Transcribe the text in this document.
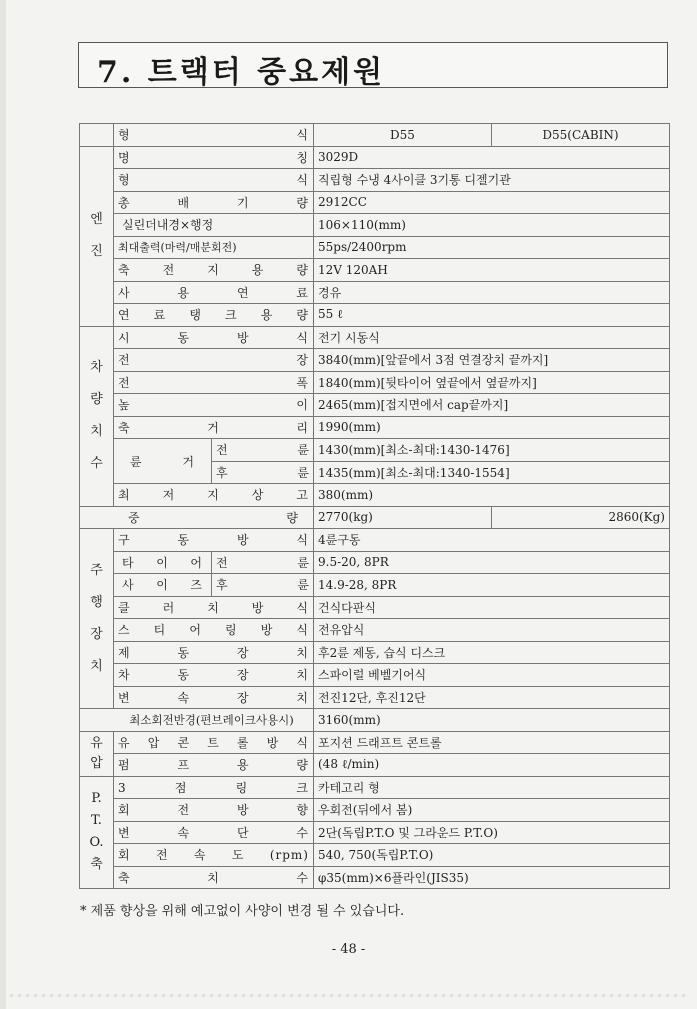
7. 트랙터 중요제원
	형 식		D55	D55(CABIN)
엔 진	명 칭		3029D	
	형 식		직립형 수냉 4사이클 3기통 디젤기관	
	총 배 기 량		2912CC	
	실린더내경×행정		106×110(mm)	
	최대출력(마력/매분회전)		55ps/2400rpm	
	축 전 지 용 량		12V 120AH	
	사 용 연 료		경유	
	연 료 탱 크 용 량		55 ℓ	
차 량 치 수	시 동 방 식		전기 시동식	
	전 장		3840(mm)[앞끝에서 3점 연결장치 끝까지]	
	전 폭		1840(mm)[뒷타이어 옆끝에서 옆끝까지]	
	높 이		2465(mm)[접지면에서 cap끝까지]	
	축 거 리		1990(mm)	
	륜 거	전 륜	1430(mm)[최소-최대:1430-1476]	
		후 륜	1435(mm)[최소-최대:1340-1554]	
	최 저 지 상 고		380(mm)	
중 량			2770(kg)	2860(Kg)
주 행 장 치	구 동 방 식		4륜구동	
	타 이 어	전 륜	9.5-20, 8PR	
	사 이 즈	후 륜	14.9-28, 8PR	
	클 러 치 방 식		건식다판식	
	스 티 어 링 방 식		전유압식	
	제 동 장 치		후2륜 제동, 습식 디스크	
	차 동 장 치		스파이럴 베벨기어식	
	변 속 장 치		전진12단, 후진12단	
최소회전반경(편브레이크사용시)			3160(mm)	
유 압	유 압 콘 트 롤 방 식		포지션 드래프트 콘트롤	
	펌 프 용 량		(48 ℓ/min)	
P. T. O. 축	3 점 링 크		카테고리 형	
	회 전 방 향		우회전(뒤에서 봄)	
	변 속 단 수		2단(독립P.T.O 및 그라운드 P.T.O)	
	회 전 속 도 (rpm)		540, 750(독립P.T.O)	
	축 치 수		φ35(mm)×6플라인(JIS35)	
* 제품 향상을 위해 예고없이 사양이 변경 될 수 있습니다.
- 48 -
